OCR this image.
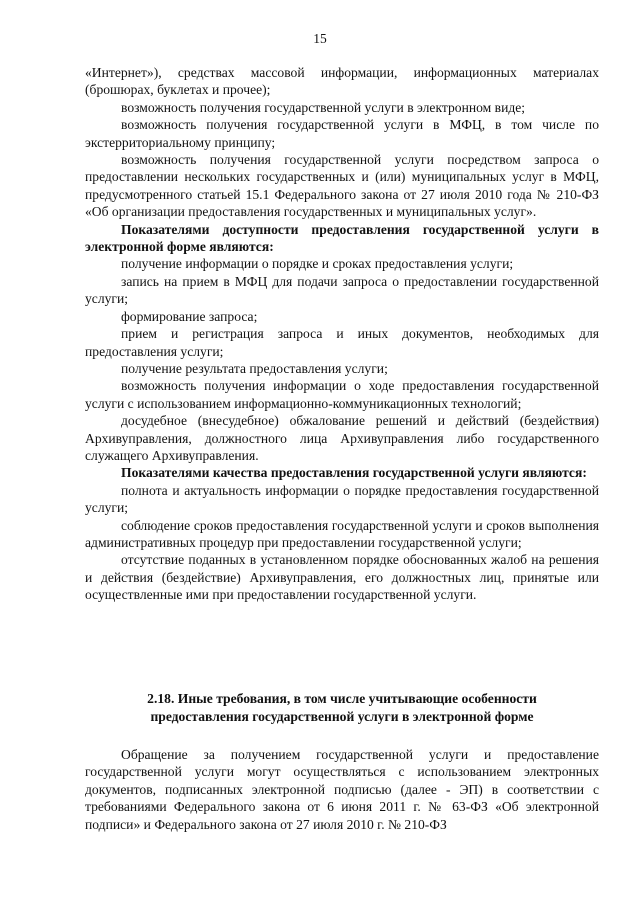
15

«Интернет»), средствах массовой информации, информационных материалах (брошюрах, буклетах и прочее);

возможность получения государственной услуги в электронном виде;

возможность получения государственной услуги в МФЦ, в том числе по экстерриториальному принципу;

возможность получения государственной услуги посредством запроса о предоставлении нескольких государственных и (или) муниципальных услуг в МФЦ, предусмотренного статьей 15.1 Федерального закона от 27 июля 2010 года № 210-ФЗ «Об организации предоставления государственных и муниципальных услуг».

Показателями доступности предоставления государственной услуги в электронной форме являются:

получение информации о порядке и сроках предоставления услуги;

запись на прием в МФЦ для подачи запроса о предоставлении государственной услуги;

формирование запроса;

прием и регистрация запроса и иных документов, необходимых для предоставления услуги;

получение результата предоставления услуги;

возможность получения информации о ходе предоставления государственной услуги с использованием информационно-коммуникационных технологий;

досудебное (внесудебное) обжалование решений и действий (бездействия) Архивуправления, должностного лица Архивуправления либо государственного служащего Архивуправления.

Показателями качества предоставления государственной услуги являются:

полнота и актуальность информации о порядке предоставления государственной услуги;

соблюдение сроков предоставления государственной услуги и сроков выполнения административных процедур при предоставлении государственной услуги;

отсутствие поданных в установленном порядке обоснованных жалоб на решения и действия (бездействие) Архивуправления, его должностных лиц, принятые или осуществленные ими при предоставлении государственной услуги.

2.18. Иные требования, в том числе учитывающие особенности
предоставления государственной услуги в электронной форме

Обращение за получением государственной услуги и предоставление государственной услуги могут осуществляться с использованием электронных документов, подписанных электронной подписью (далее - ЭП) в соответствии с требованиями Федерального закона от 6 июня 2011 г. № 63-ФЗ «Об электронной подписи» и Федерального закона от 27 июля 2010 г. № 210-ФЗ
